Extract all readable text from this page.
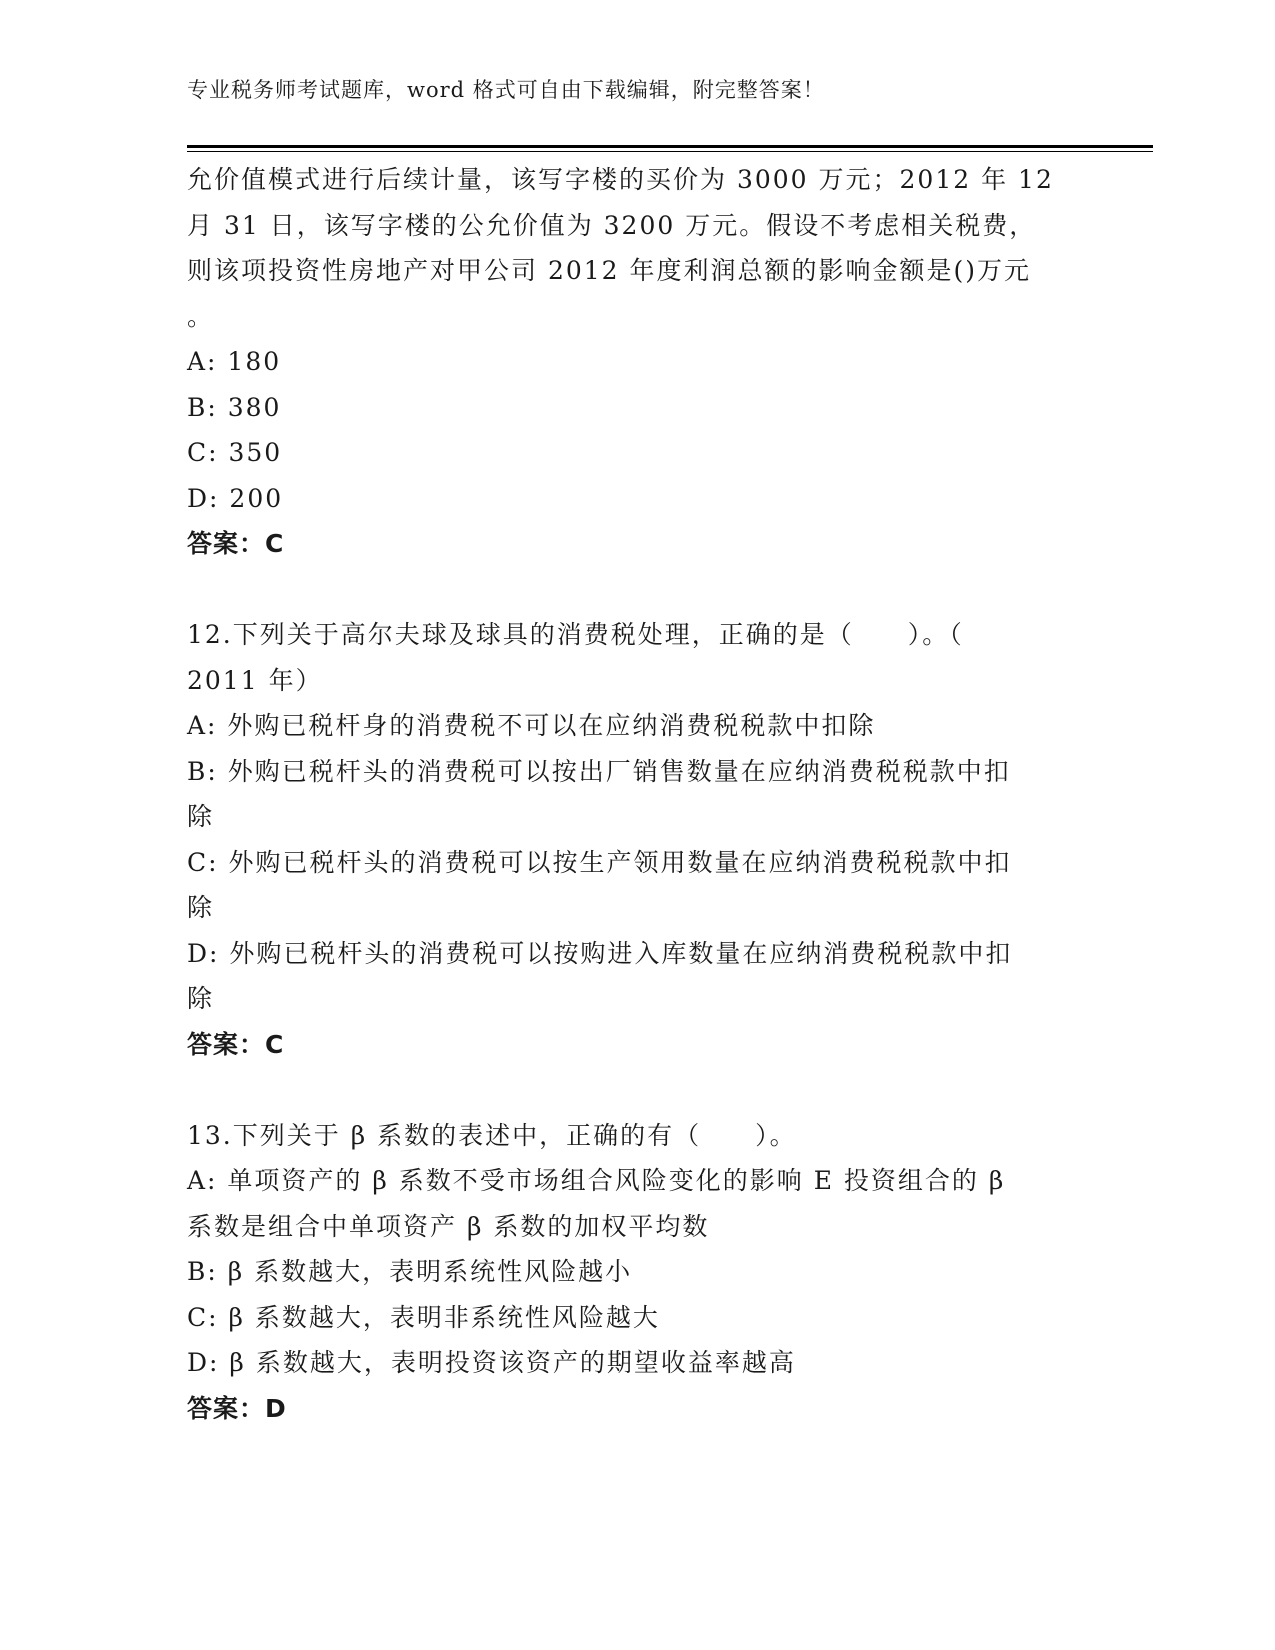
专业税务师考试题库，word 格式可自由下载编辑，附完整答案！
允价值模式进行后续计量，该写字楼的买价为 3000 万元；2012 年 12
月 31 日，该写字楼的公允价值为 3200 万元。假设不考虑相关税费，
则该项投资性房地产对甲公司 2012 年度利润总额的影响金额是()万元
。
A: 180
B: 380
C: 350
D: 200
答案：C
12.下列关于高尔夫球及球具的消费税处理，正确的是（　　）。（
2011 年）
A: 外购已税杆身的消费税不可以在应纳消费税税款中扣除
B: 外购已税杆头的消费税可以按出厂销售数量在应纳消费税税款中扣
除
C: 外购已税杆头的消费税可以按生产领用数量在应纳消费税税款中扣
除
D: 外购已税杆头的消费税可以按购进入库数量在应纳消费税税款中扣
除
答案：C
13.下列关于 β 系数的表述中，正确的有（　　）。
A: 单项资产的 β 系数不受市场组合风险变化的影响 E 投资组合的 β
系数是组合中单项资产 β 系数的加权平均数
B: β 系数越大，表明系统性风险越小
C: β 系数越大，表明非系统性风险越大
D: β 系数越大，表明投资该资产的期望收益率越高
答案：D
